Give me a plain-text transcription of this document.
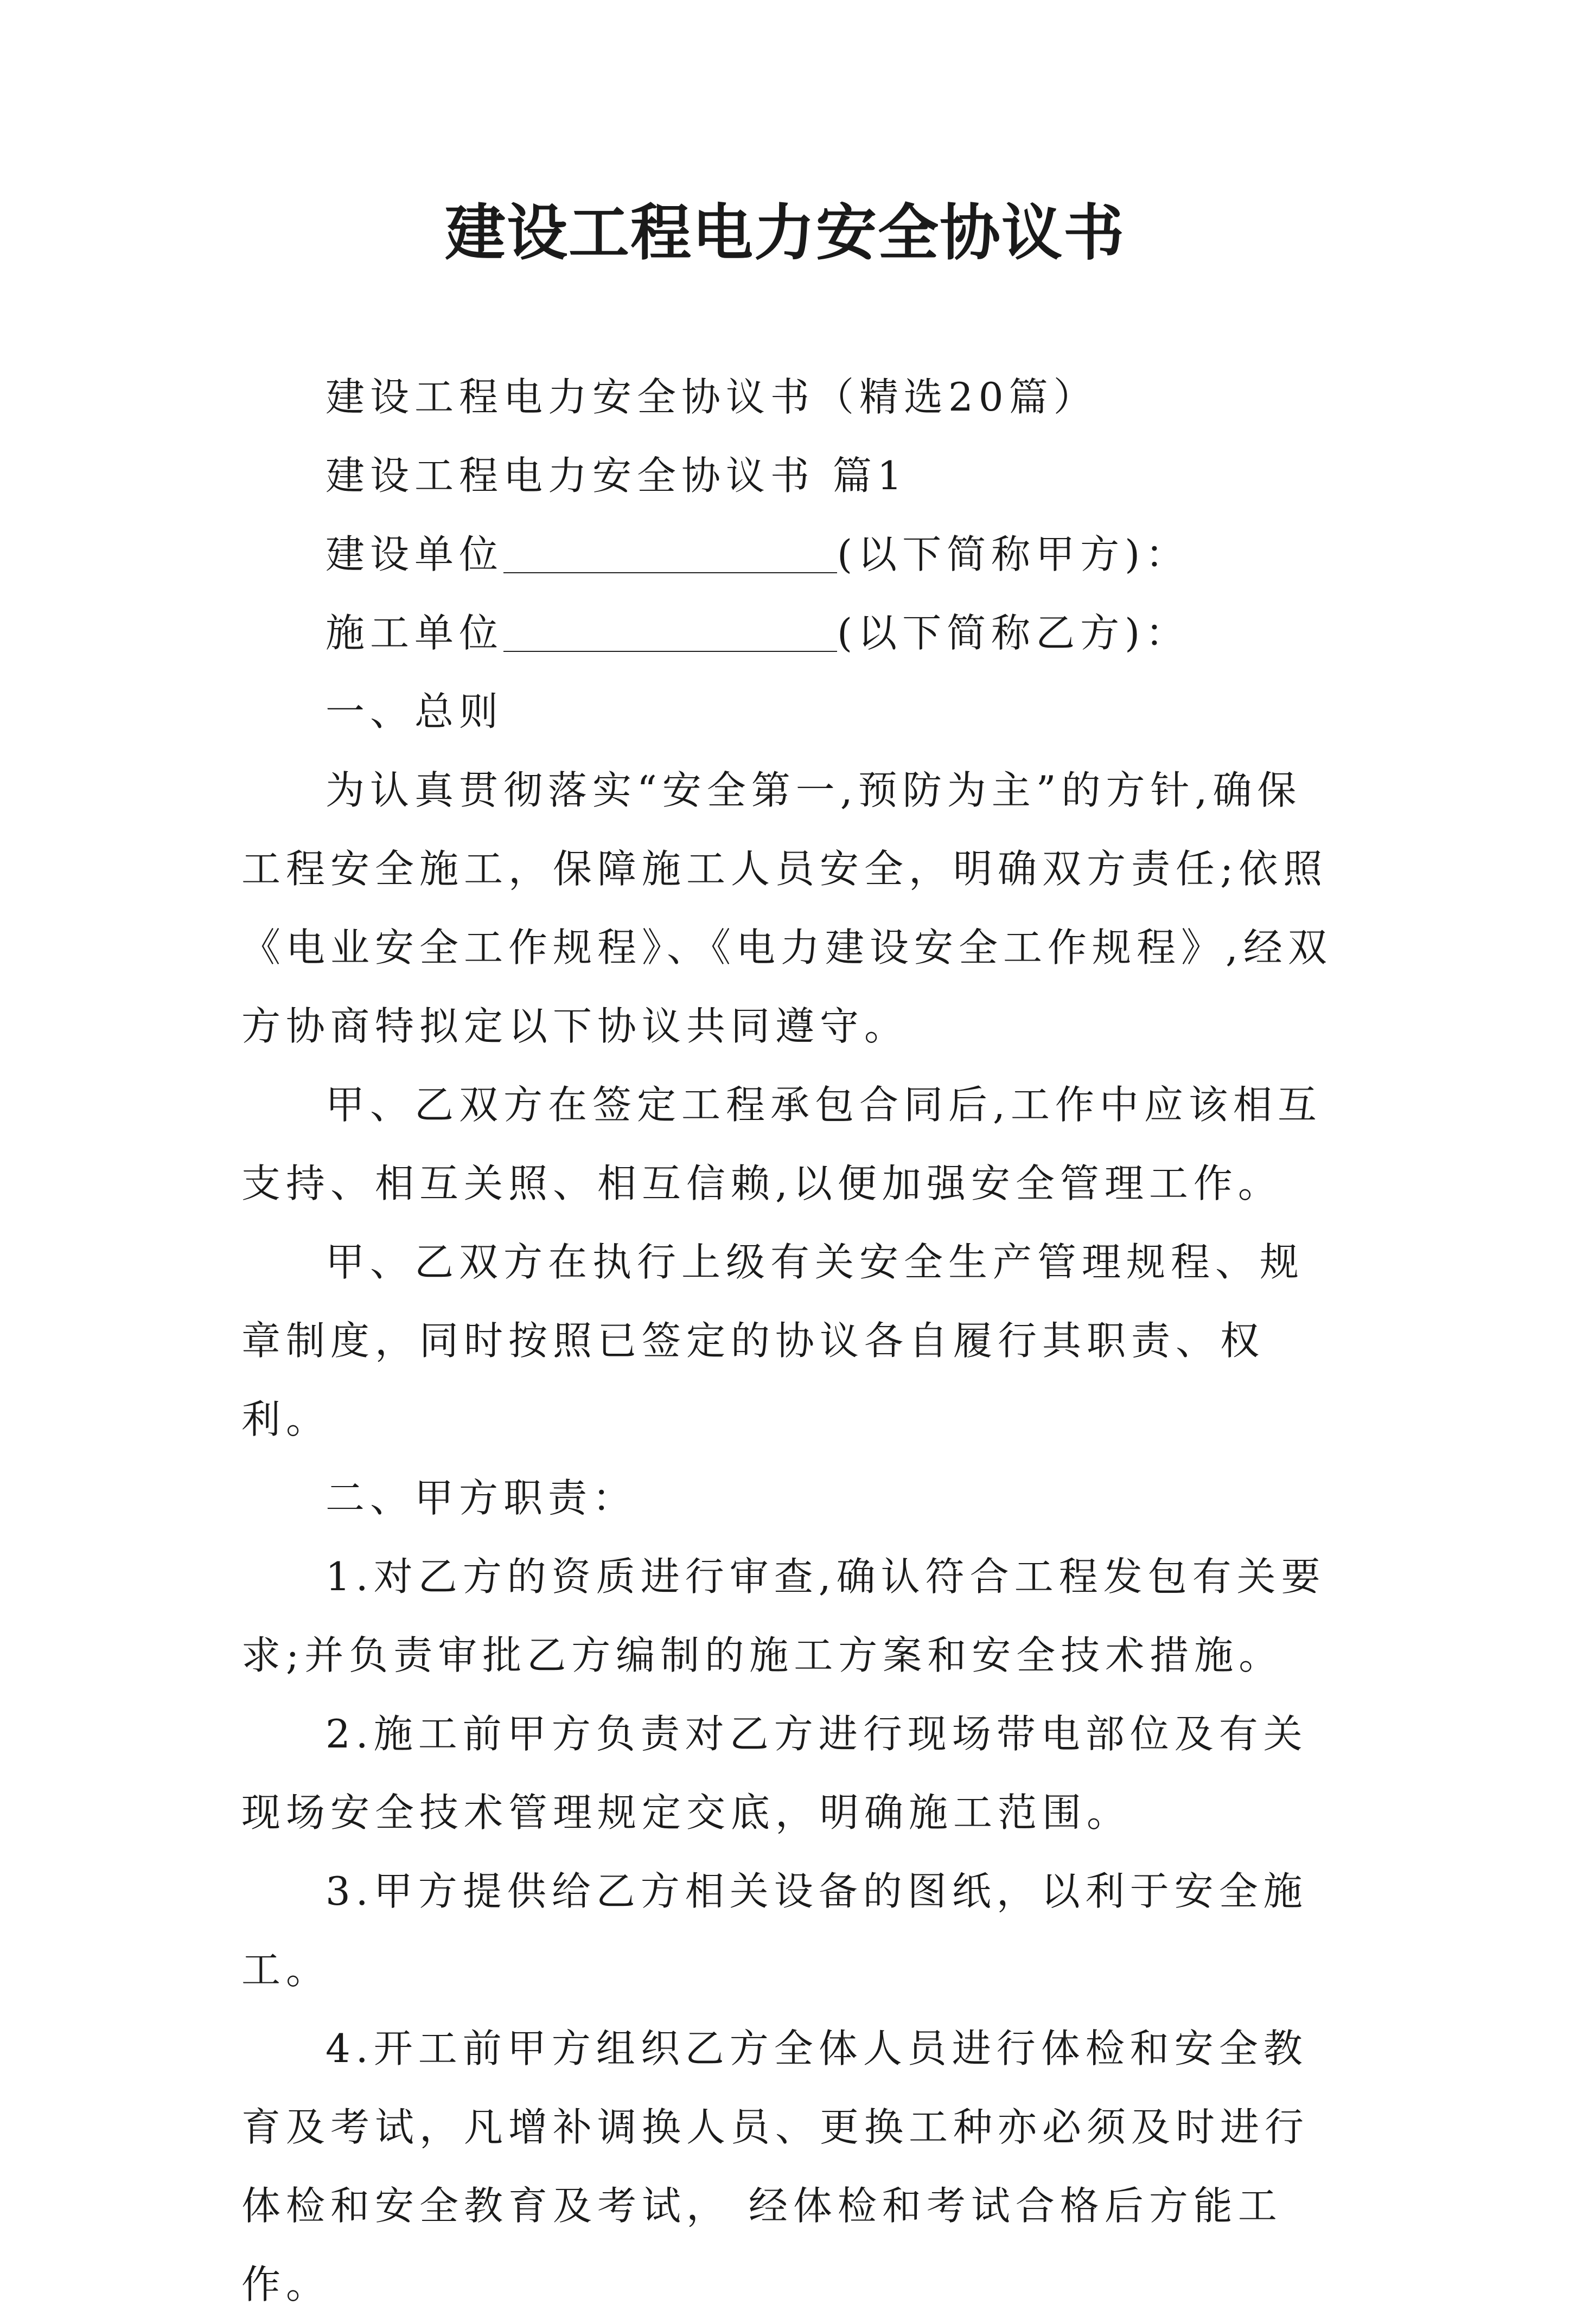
建设工程电力安全协议书

建设工程电力安全协议书（精选20篇）

建设工程电力安全协议书 篇1

建设单位	(以下简称甲方)：

施工单位	(以下简称乙方)：

一、总则

为认真贯彻落实“安全第一,预防为主”的方针,确保工程安全施工，保障施工人员安全，明确双方责任;依照《电业安全工作规程》、《电力建设安全工作规程》,经双方协商特拟定以下协议共同遵守。

甲、乙双方在签定工程承包合同后,工作中应该相互支持、相互关照、相互信赖,以便加强安全管理工作。

甲、乙双方在执行上级有关安全生产管理规程、规章制度，同时按照已签定的协议各自履行其职责、权利。

二、甲方职责：

1.对乙方的资质进行审查,确认符合工程发包有关要求;并负责审批乙方编制的施工方案和安全技术措施。

2.施工前甲方负责对乙方进行现场带电部位及有关现场安全技术管理规定交底，明确施工范围。

3.甲方提供给乙方相关设备的图纸，以利于安全施工。

4.开工前甲方组织乙方全体人员进行体检和安全教育及考试，凡增补调换人员、更换工种亦必须及时进行体检和安全教育及考试， 经体检和考试合格后方能工作。
